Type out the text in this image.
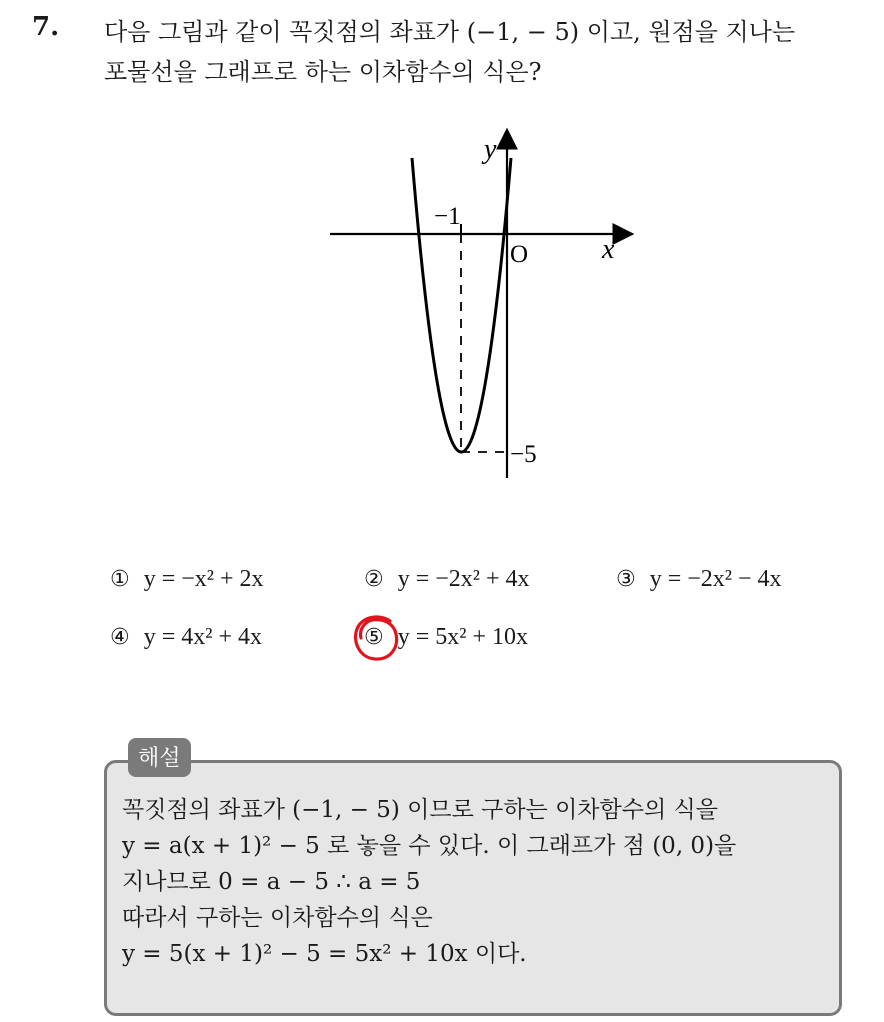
7. 다음 그림과 같이 꼭짓점의 좌표가 (−1, − 5) 이고, 원점을 지나는
포물선을 그래프로 하는 이차함수의 식은?
y
x
O
−1
−5
① y = −x² + 2x	② y = −2x² + 4x	③ y = −2x² − 4x
④ y = 4x² + 4x	⑤ y = 5x² + 10x
해설
꼭짓점의 좌표가 (−1, − 5) 이므로 구하는 이차함수의 식을
y = a(x + 1)² − 5 로 놓을 수 있다. 이 그래프가 점 (0, 0)을
지나므로 0 = a − 5 ∴ a = 5
따라서 구하는 이차함수의 식은
y = 5(x + 1)² − 5 = 5x² + 10x 이다.
